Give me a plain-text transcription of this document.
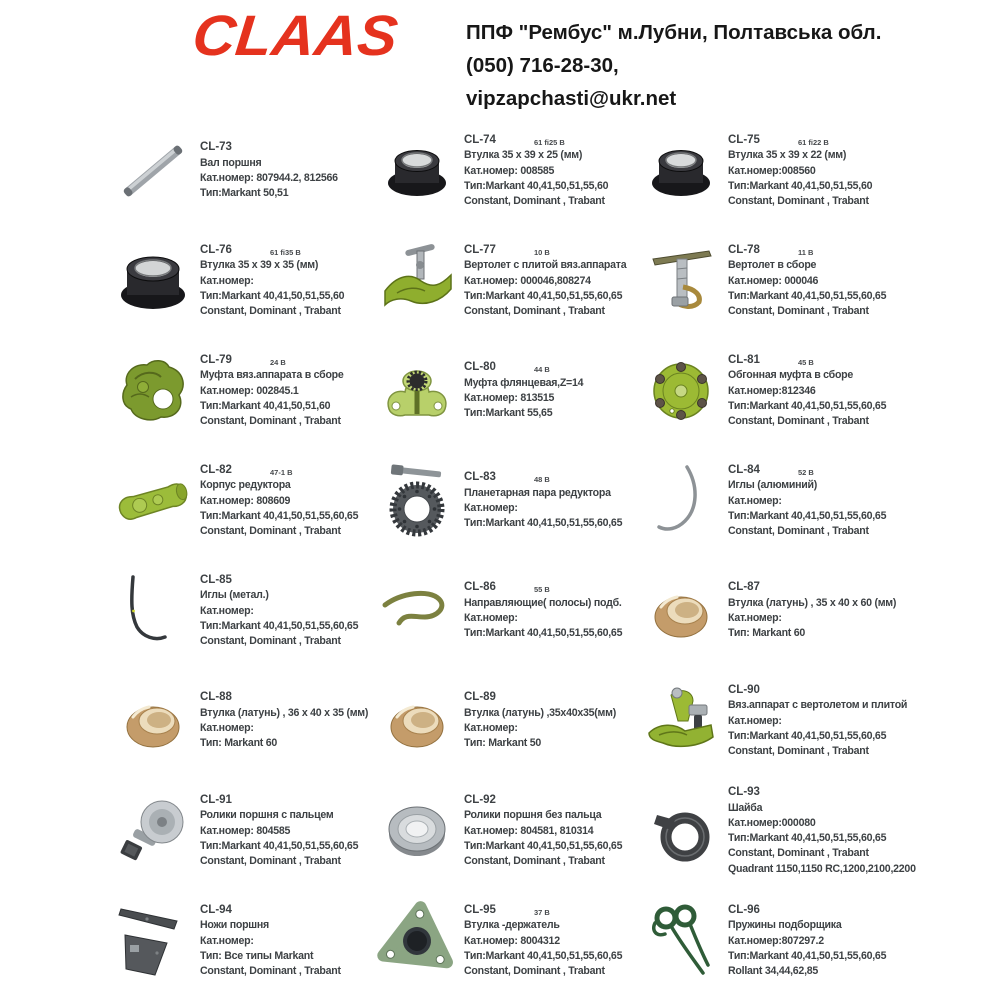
CLAAS	ППФ "Рембус" м.Лубни, Полтавська обл.
(050) 716-28-30,
vipzapchasti@ukr.net
CL-73
Вал поршня
Кат.номер: 807944.2, 812566
Тип:Markant 50,51
CL-74	61 fi25 B
Втулка 35 x 39 x 25 (мм)
Кат.номер: 008585
Тип:Markant 40,41,50,51,55,60
Constant, Dominant , Trabant
CL-75	61 fi22 B
Втулка 35 x 39 x 22 (мм)
Кат.номер:008560
Тип:Markant 40,41,50,51,55,60
Constant, Dominant , Trabant
CL-76	61 fi35 B
Втулка 35 x 39 x 35 (мм)
Кат.номер:
Тип:Markant 40,41,50,51,55,60
Constant, Dominant , Trabant
CL-77	10 B
Вертолет с плитой вяз.аппарата
Кат.номер: 000046,808274
Тип:Markant 40,41,50,51,55,60,65
Constant, Dominant , Trabant
CL-78	11 B
Вертолет в сборе
Кат.номер: 000046
Тип:Markant 40,41,50,51,55,60,65
Constant, Dominant , Trabant
CL-79	24 B
Муфта вяз.аппарата в сборе
Кат.номер: 002845.1
Тип:Markant 40,41,50,51,60
Constant, Dominant , Trabant
CL-80	44 B
Муфта флянцевая,Z=14
Кат.номер: 813515
Тип:Markant 55,65
CL-81	45 B
Обгонная муфта в сборе
Кат.номер:812346
Тип:Markant 40,41,50,51,55,60,65
Constant, Dominant , Trabant
CL-82	47-1 B
Корпус редуктора
Кат.номер: 808609
Тип:Markant 40,41,50,51,55,60,65
Constant, Dominant , Trabant
CL-83	48 B
Планетарная пара редуктора
Кат.номер:
Тип:Markant 40,41,50,51,55,60,65
CL-84	52 B
Иглы (алюминий)
Кат.номер:
Тип:Markant 40,41,50,51,55,60,65
Constant, Dominant , Trabant
CL-85
Иглы (метал.)
Кат.номер:
Тип:Markant 40,41,50,51,55,60,65
Constant, Dominant , Trabant
CL-86	55 B
Направляющие( полосы) подб.
Кат.номер:
Тип:Markant 40,41,50,51,55,60,65
CL-87
Втулка (латунь) , 35 x 40 x 60 (мм)
Кат.номер:
Тип: Markant 60
CL-88
Втулка (латунь) , 36 x 40 x 35 (мм)
Кат.номер:
Тип: Markant 60
CL-89
Втулка (латунь) ,35x40x35(мм)
Кат.номер:
Тип: Markant 50
CL-90
Вяз.аппарат с вертолетом и плитой
Кат.номер:
Тип:Markant 40,41,50,51,55,60,65
Constant, Dominant , Trabant
CL-91
Ролики поршня с пальцем
Кат.номер: 804585
Тип:Markant 40,41,50,51,55,60,65
Constant, Dominant , Trabant
CL-92
Ролики поршня без пальца
Кат.номер: 804581, 810314
Тип:Markant 40,41,50,51,55,60,65
Constant, Dominant , Trabant
CL-93
Шайба
Кат.номер:000080
Тип:Markant 40,41,50,51,55,60,65
Constant, Dominant , Trabant
Quadrant 1150,1150 RC,1200,2100,2200
CL-94
Ножи поршня
Кат.номер:
Тип: Все типы Markant
Constant, Dominant , Trabant
CL-95	37 B
Втулка -держатель
Кат.номер: 8004312
Тип:Markant 40,41,50,51,55,60,65
Constant, Dominant , Trabant
CL-96
Пружины подборщика
Кат.номер:807297.2
Тип:Markant 40,41,50,51,55,60,65
Rollant 34,44,62,85
